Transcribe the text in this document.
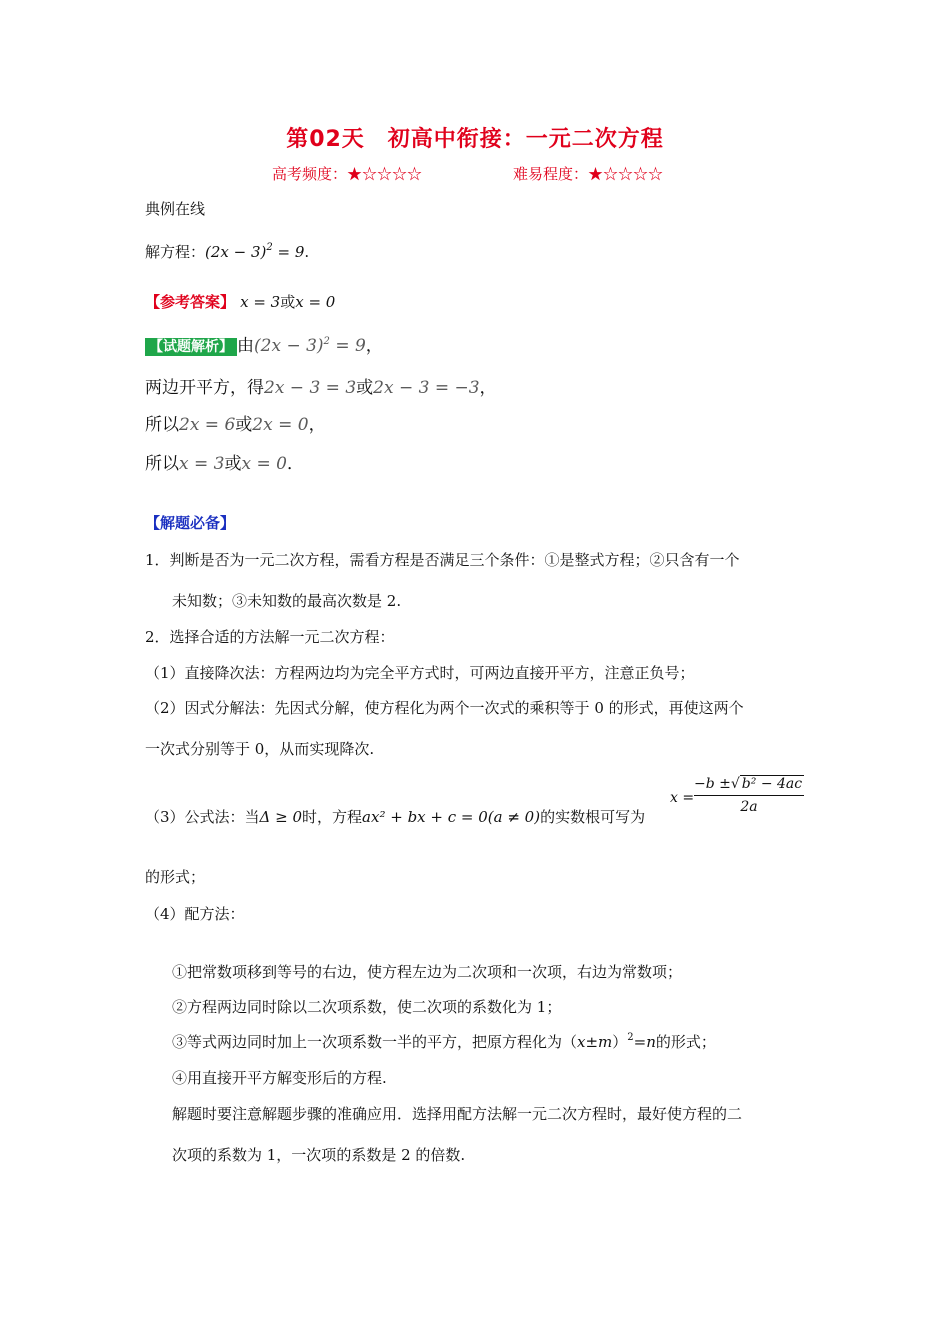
第02天　初高中衔接：一元二次方程
高考频度：★☆☆☆☆	难易程度：★☆☆☆☆
典例在线
解方程：$(2x - 3)^2 = 9$.
【参考答案】 x = 3或x = 0
【试题解析】 由$(2x - 3)^2 = 9$，
两边开平方，得2x − 3 = 3或2x − 3 = −3，
所以2x = 6或2x = 0，
所以x = 3或x = 0．
【解题必备】
1．判断是否为一元二次方程，需看方程是否满足三个条件：①是整式方程；②只含有一个
未知数；③未知数的最高次数是 2.
2．选择合适的方法解一元二次方程：
（1）直接降次法：方程两边均为完全平方式时，可两边直接开平方，注意正负号；
（2）因式分解法：先因式分解，使方程化为两个一次式的乘积等于 0 的形式，再使这两个
一次式分别等于 0，从而实现降次.
（3）公式法：当Δ ≥ 0时，方程ax² + bx + c = 0(a ≠ 0)的实数根可写为
$x = \frac{\text{−b ±√ b² − 4ac}}{2a}$
的形式；
（4）配方法：
①把常数项移到等号的右边，使方程左边为二次项和一次项，右边为常数项；
②方程两边同时除以二次项系数，使二次项的系数化为 1；
③等式两边同时加上一次项系数一半的平方，把原方程化为$(x\pm m)^2=n$的形式；
④用直接开平方解变形后的方程.
解题时要注意解题步骤的准确应用．选择用配方法解一元二次方程时，最好使方程的二
次项的系数为 1，一次项的系数是 2 的倍数.
